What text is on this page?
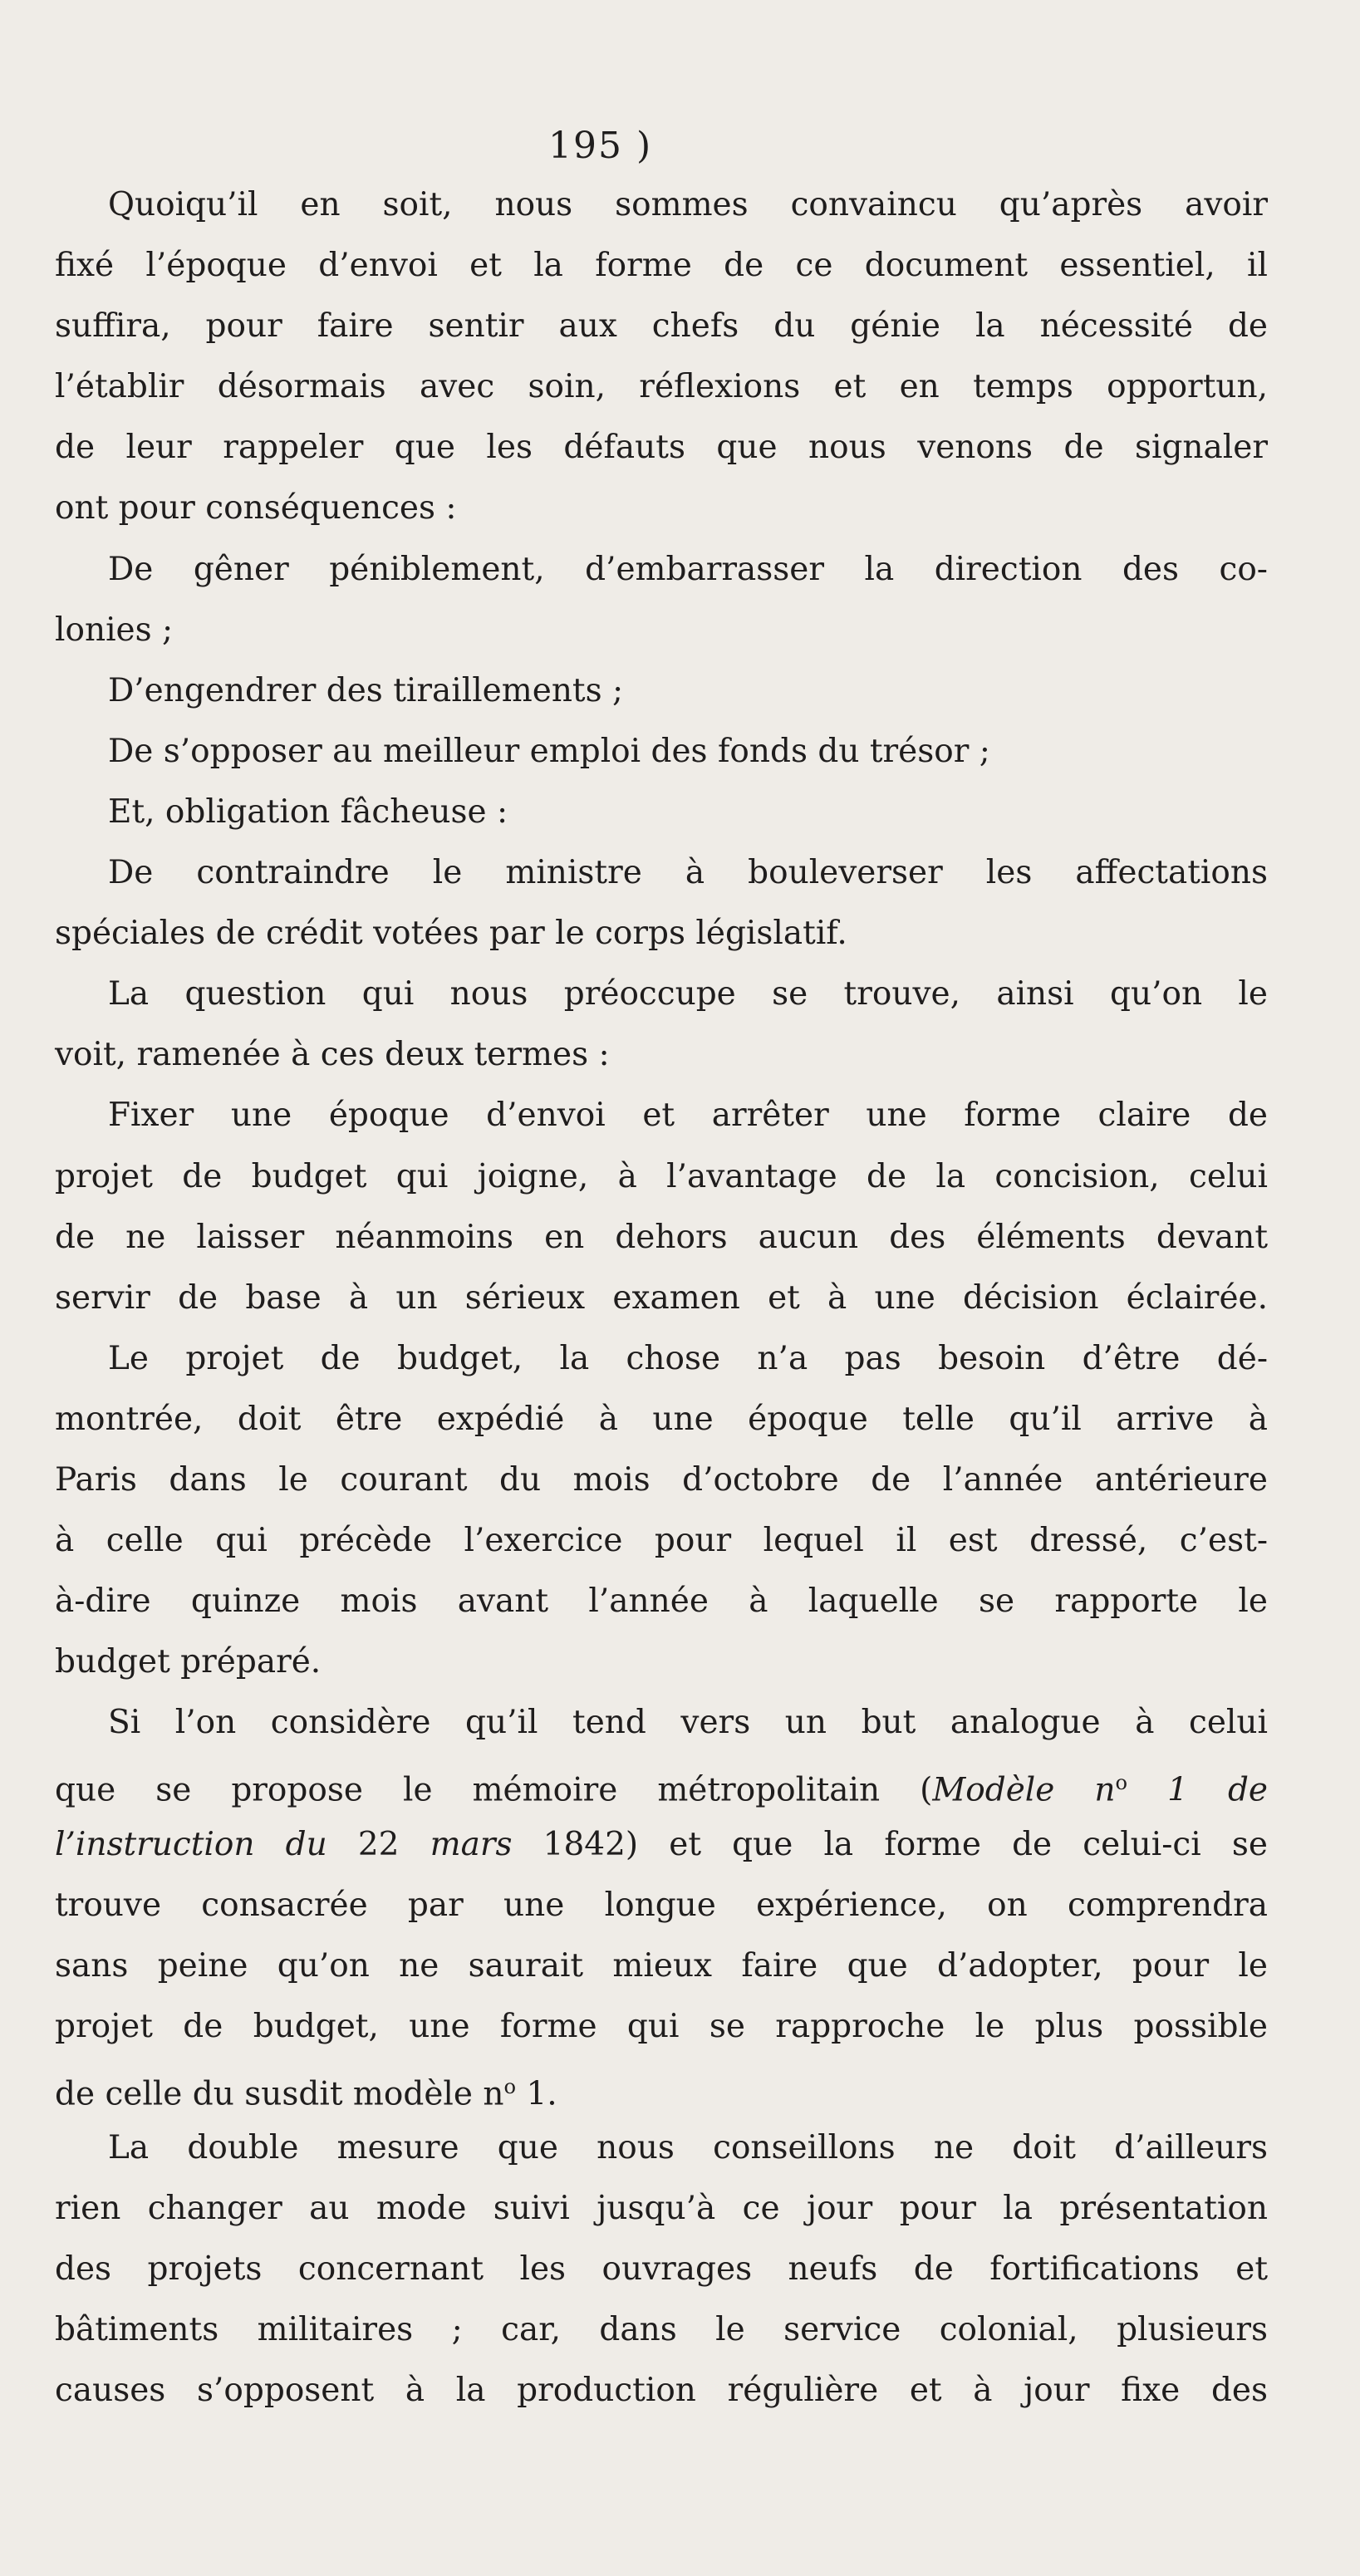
195 )
Quoiqu’il en soit, nous sommes convaincu qu’après avoir
fixé l’époque d’envoi et la forme de ce document essentiel, il
suffira, pour faire sentir aux chefs du génie la nécessité de
l’établir désormais avec soin, réflexions et en temps opportun,
de leur rappeler que les défauts que nous venons de signaler
ont pour conséquences :
De gêner péniblement, d’embarrasser la direction des co-
lonies ;
D’engendrer des tiraillements ;
De s’opposer au meilleur emploi des fonds du trésor ;
Et, obligation fâcheuse :
De contraindre le ministre à bouleverser les affectations
spéciales de crédit votées par le corps législatif.
La question qui nous préoccupe se trouve, ainsi qu’on le
voit, ramenée à ces deux termes :
Fixer une époque d’envoi et arrêter une forme claire de
projet de budget qui joigne, à l’avantage de la concision, celui
de ne laisser néanmoins en dehors aucun des éléments devant
servir de base à un sérieux examen et à une décision éclairée.
Le projet de budget, la chose n’a pas besoin d’être dé-
montrée, doit être expédié à une époque telle qu’il arrive à
Paris dans le courant du mois d’octobre de l’année antérieure
à celle qui précède l’exercice pour lequel il est dressé, c’est-
à-dire quinze mois avant l’année à laquelle se rapporte le
budget préparé.
Si l’on considère qu’il tend vers un but analogue à celui
que se propose le mémoire métropolitain (Modèle $n^o$ 1 de
l’instruction du 22 mars 1842) et que la forme de celui-ci se
trouve consacrée par une longue expérience, on comprendra
sans peine qu’on ne saurait mieux faire que d’adopter, pour le
projet de budget, une forme qui se rapproche le plus possible
de celle du susdit modèle $n^o$ 1.
La double mesure que nous conseillons ne doit d’ailleurs
rien changer au mode suivi jusqu’à ce jour pour la présentation
des projets concernant les ouvrages neufs de fortifications et
bâtiments militaires ; car, dans le service colonial, plusieurs
causes s’opposent à la production régulière et à jour fixe des
